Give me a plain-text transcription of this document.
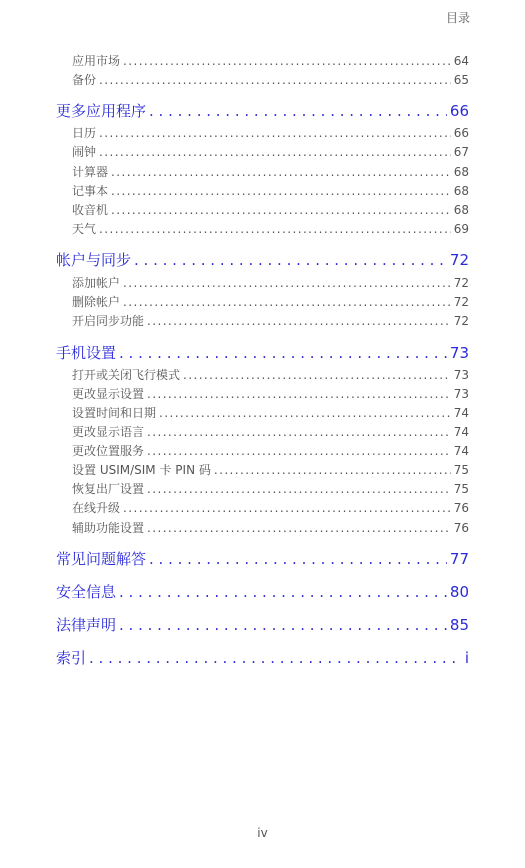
目录
应用市场 . . .	64
备份 . . .	65
更多应用程序 . . .	66
日历 . . .	66
闹钟 . . .	67
计算器 . . .	68
记事本 . . .	68
收音机 . . .	68
天气 . . .	69
帐户与同步 . . .	72
添加帐户 . . .	72
删除帐户 . . .	72
开启同步功能 . . .	72
手机设置 . . .	73
打开或关闭飞行模式 . . .	73
更改显示设置 . . .	73
设置时间和日期 . . .	74
更改显示语言 . . .	74
更改位置服务 . . .	74
设置 USIM/SIM 卡 PIN 码 . . .	75
恢复出厂设置 . . .	75
在线升级 . . .	76
辅助功能设置 . . .	76
常见问题解答 . . .	77
安全信息 . . .	80
法律声明 . . .	85
索引 . . .	i
iv
